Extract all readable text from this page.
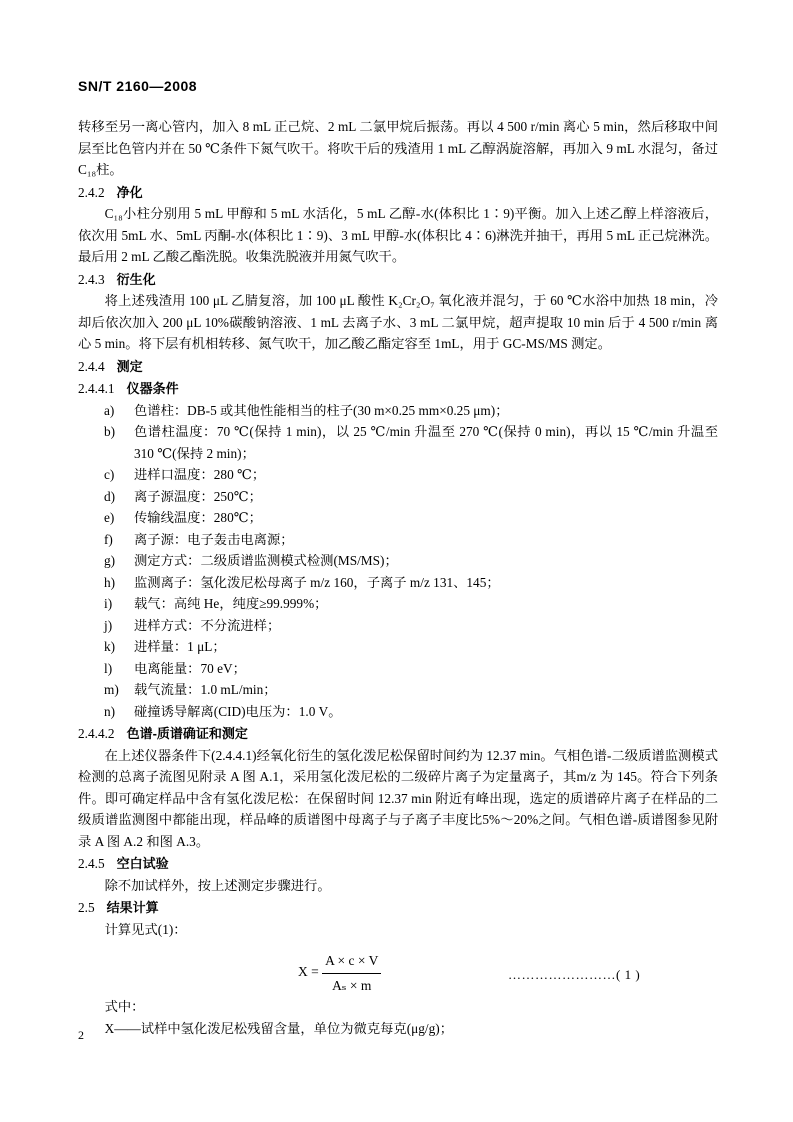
SN/T 2160—2008

转移至另一离心管内，加入 8 mL 正己烷、2 mL 二氯甲烷后振荡。再以 4 500 r/min 离心 5 min，然后移取中间层至比色管内并在 50 ℃条件下氮气吹干。将吹干后的残渣用 1 mL 乙醇涡旋溶解，再加入 9 mL 水混匀，备过 C₁₈柱。

2.4.2 净化

C₁₈小柱分别用 5 mL 甲醇和 5 mL 水活化，5 mL 乙醇-水(体积比 1∶9)平衡。加入上述乙醇上样溶液后，依次用 5mL 水、5mL 丙酮-水(体积比 1∶9)、3 mL 甲醇-水(体积比 4∶6)淋洗并抽干，再用 5 mL 正己烷淋洗。最后用 2 mL 乙酸乙酯洗脱。收集洗脱液并用氮气吹干。

2.4.3 衍生化

将上述残渣用 100 μL 乙腈复溶，加 100 μL 酸性 K₂Cr₂O₇ 氧化液并混匀，于 60 ℃水浴中加热 18 min，冷却后依次加入 200 μL 10%碳酸钠溶液、1 mL 去离子水、3 mL 二氯甲烷，超声提取 10 min 后于 4 500 r/min 离心 5 min。将下层有机相转移、氮气吹干，加乙酸乙酯定容至 1mL，用于 GC-MS/MS 测定。

2.4.4 测定
2.4.4.1 仪器条件
a)	色谱柱：DB-5 或其他性能相当的柱子(30 m×0.25 mm×0.25 μm)；
b)	色谱柱温度：70 ℃(保持 1 min)，以 25 ℃/min 升温至 270 ℃(保持 0 min)，再以 15 ℃/min 升温至 310 ℃(保持 2 min)；
c)	进样口温度：280 ℃；
d)	离子源温度：250℃；
e)	传输线温度：280℃；
f)	离子源：电子轰击电离源；
g)	测定方式：二级质谱监测模式检测(MS/MS)；
h)	监测离子：氢化泼尼松母离子 m/z 160，子离子 m/z 131、145；
i)	载气：高纯 He，纯度≥99.999%；
j)	进样方式：不分流进样；
k)	进样量：1 μL；
l)	电离能量：70 eV；
m)	载气流量：1.0 mL/min；
n)	碰撞诱导解离(CID)电压为：1.0 V。
2.4.4.2 色谱-质谱确证和测定

在上述仪器条件下(2.4.4.1)经氧化衍生的氢化泼尼松保留时间约为 12.37 min。气相色谱-二级质谱监测模式检测的总离子流图见附录 A 图 A.1，采用氢化泼尼松的二级碎片离子为定量离子，其m/z 为 145。符合下列条件。即可确定样品中含有氢化泼尼松：在保留时间 12.37 min 附近有峰出现，选定的质谱碎片离子在样品的二级质谱监测图中都能出现，样品峰的质谱图中母离子与子离子丰度比5%～20%之间。气相色谱-质谱图参见附录 A 图 A.2 和图 A.3。

2.4.5 空白试验

除不加试样外，按上述测定步骤进行。

2.5 结果计算

计算见式(1)：

$X = \frac{A \times c \times V}{\text{Aₛ × m}}$	……………………( 1 )

式中：

X——试样中氢化泼尼松残留含量，单位为微克每克(μg/g)；

2
